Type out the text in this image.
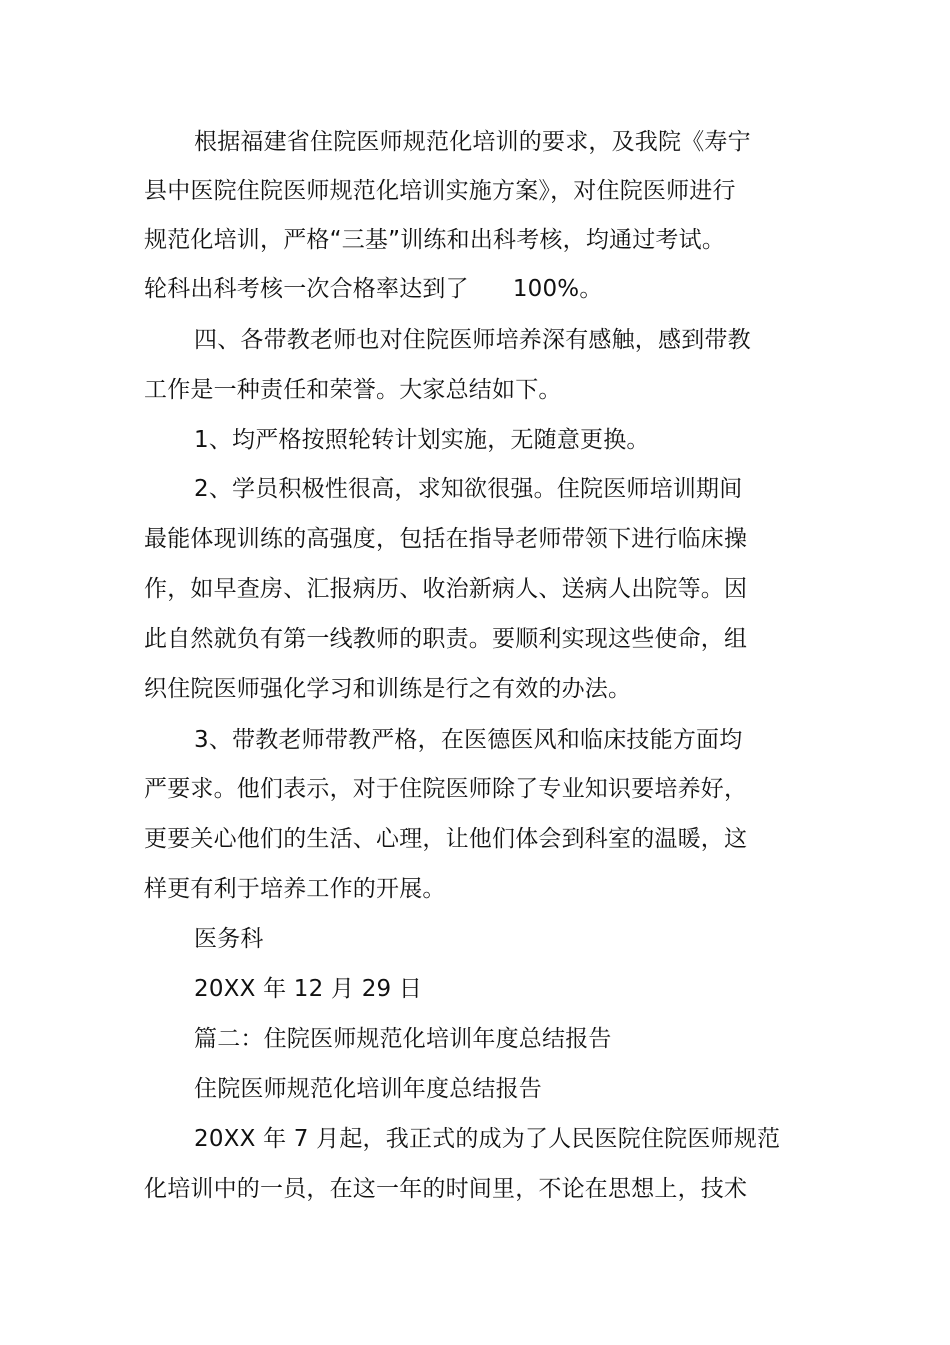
根据福建省住院医师规范化培训的要求，及我院《寿宁
县中医院住院医师规范化培训实施方案》，对住院医师进行
规范化培训，严格“三基”训练和出科考核，均通过考试。
轮科出科考核一次合格率达到了 100%。
四、各带教老师也对住院医师培养深有感触，感到带教
工作是一种责任和荣誉。大家总结如下。
1、均严格按照轮转计划实施，无随意更换。
2、学员积极性很高，求知欲很强。住院医师培训期间
最能体现训练的高强度，包括在指导老师带领下进行临床操
作，如早查房、汇报病历、收治新病人、送病人出院等。因
此自然就负有第一线教师的职责。要顺利实现这些使命，组
织住院医师强化学习和训练是行之有效的办法。
3、带教老师带教严格，在医德医风和临床技能方面均
严要求。他们表示，对于住院医师除了专业知识要培养好，
更要关心他们的生活、心理，让他们体会到科室的温暖，这
样更有利于培养工作的开展。
医务科
20XX 年 12 月 29 日
篇二：住院医师规范化培训年度总结报告
住院医师规范化培训年度总结报告
20XX 年 7 月起，我正式的成为了人民医院住院医师规范
化培训中的一员，在这一年的时间里，不论在思想上，技术
